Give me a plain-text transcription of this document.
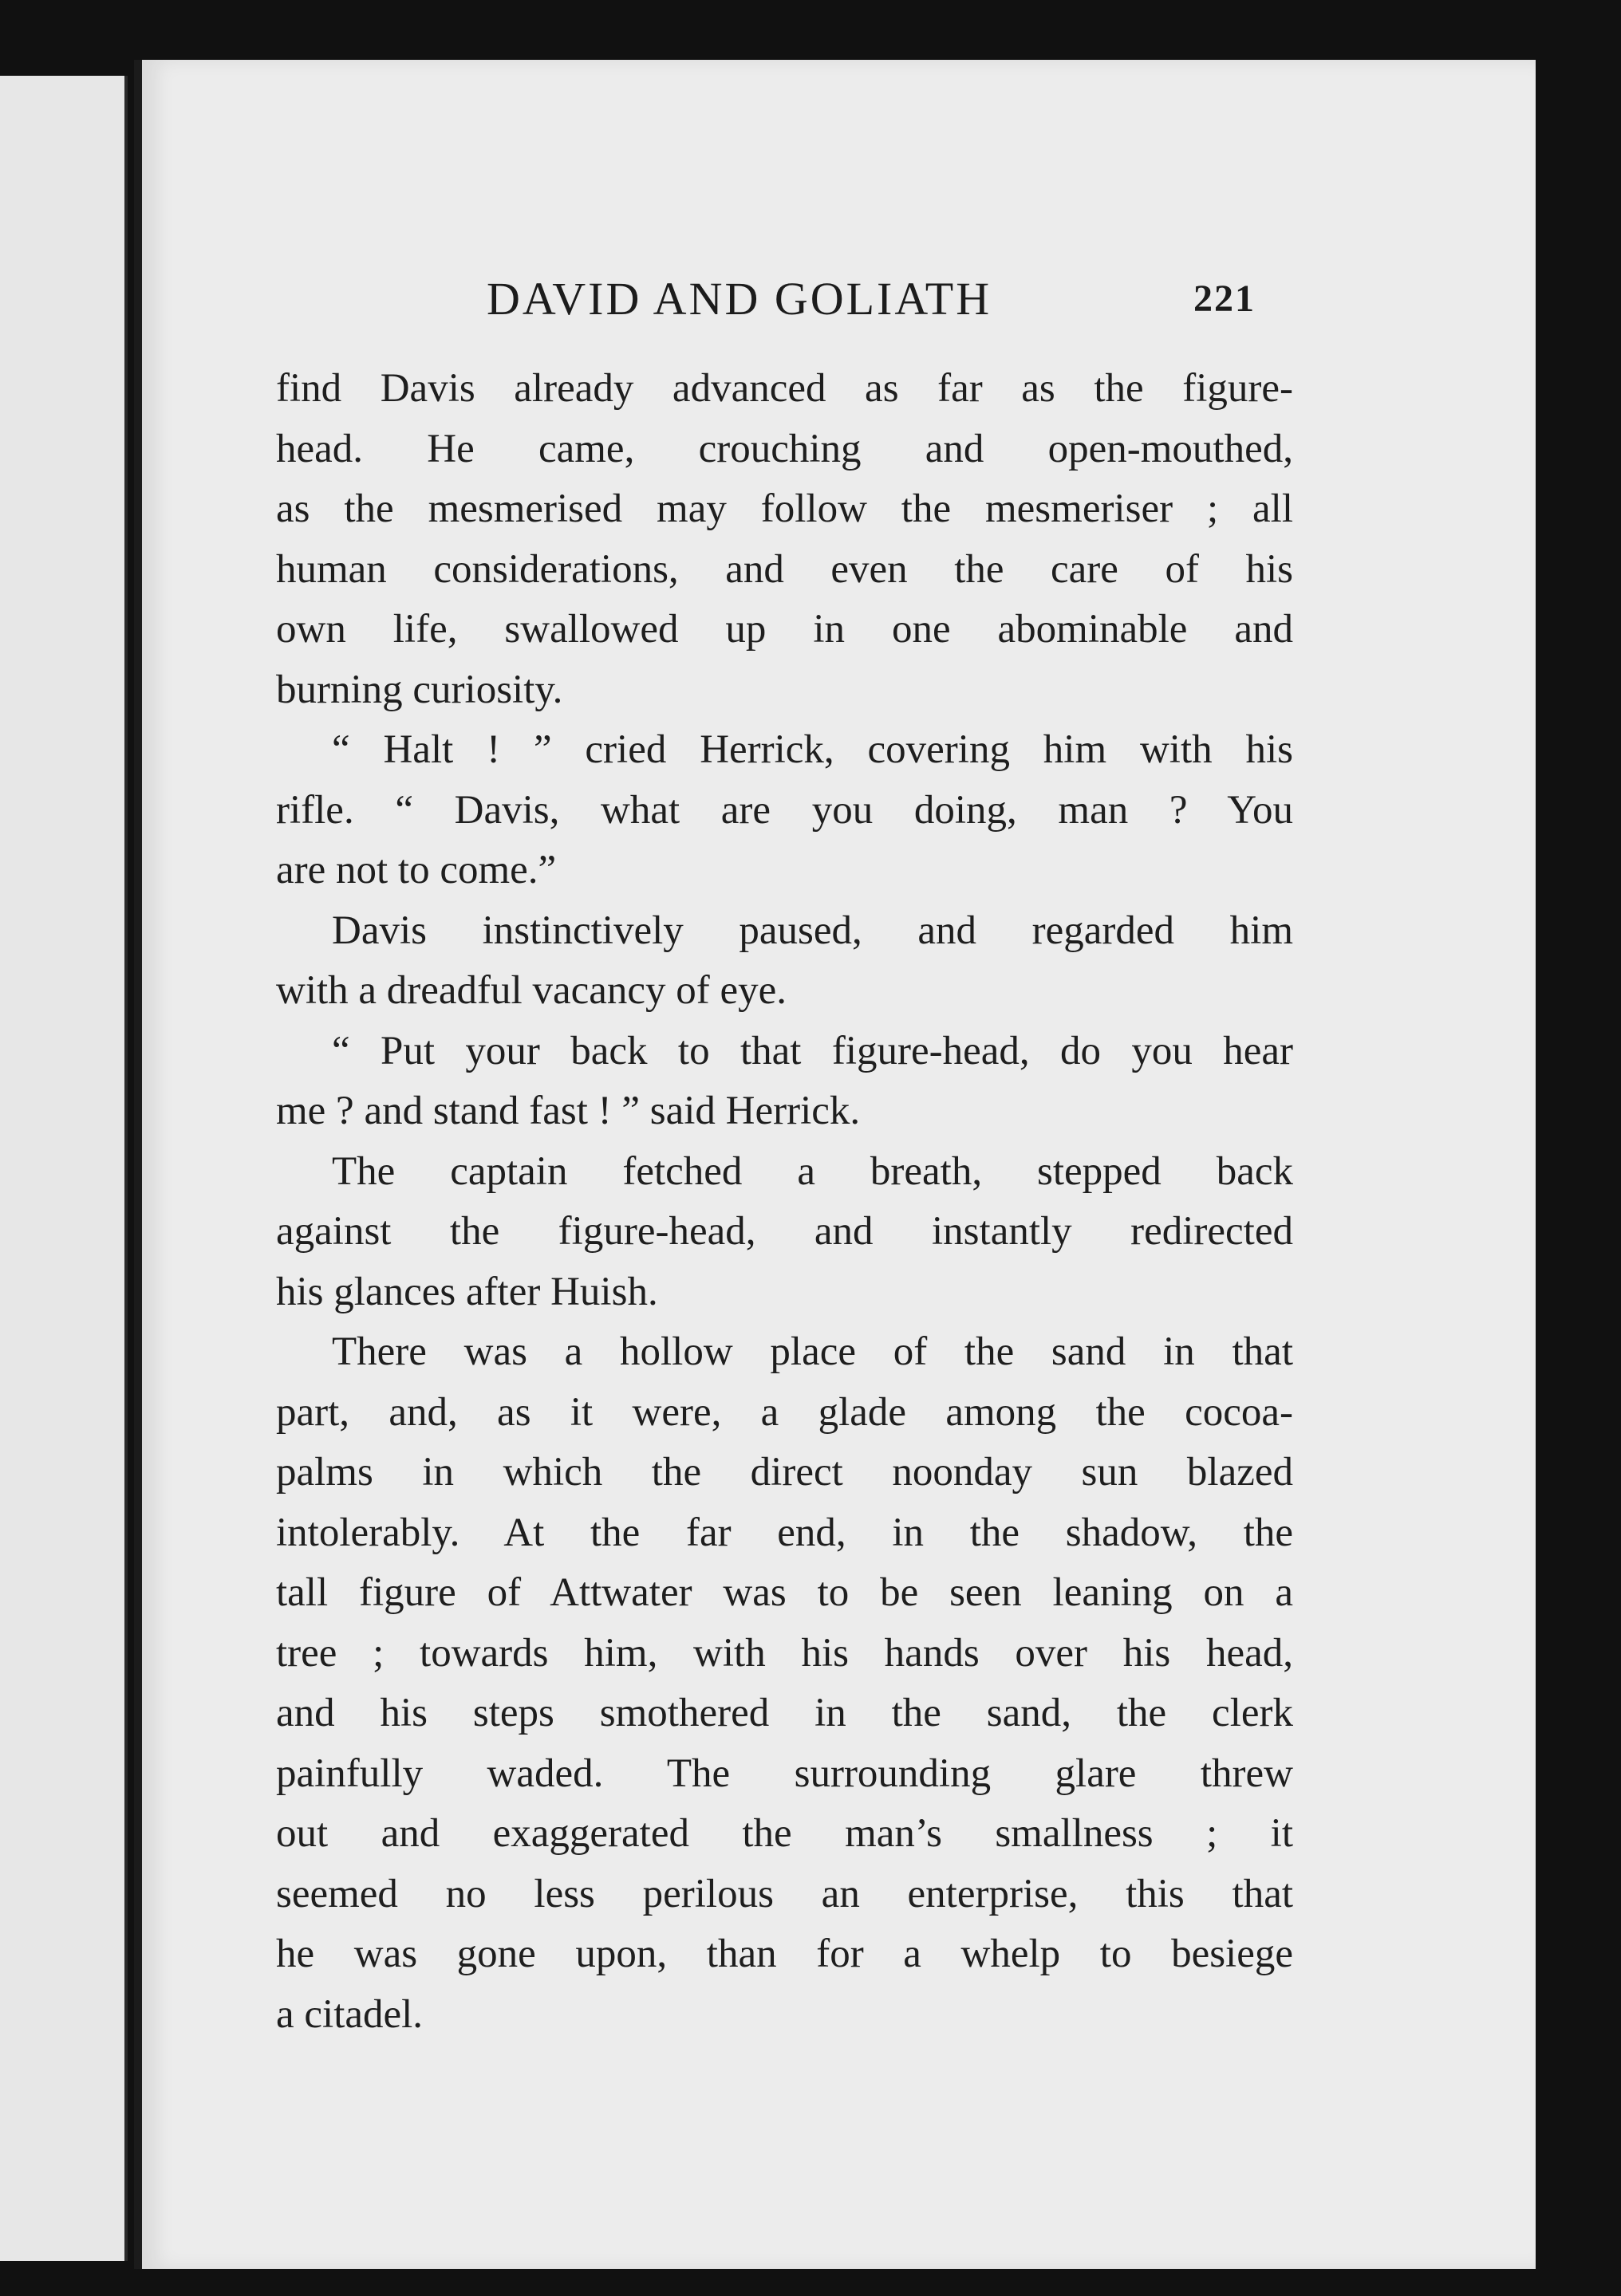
DAVID AND GOLIATH	221

find Davis already advanced as far as the figure-
head. He came, crouching and open-mouthed,
as the mesmerised may follow the mesmeriser ; all
human considerations, and even the care of his
own life, swallowed up in one abominable and
burning curiosity.

“ Halt ! ” cried Herrick, covering him with his
rifle. “ Davis, what are you doing, man ? You
are not to come.”

Davis instinctively paused, and regarded him
with a dreadful vacancy of eye.

“ Put your back to that figure-head, do you hear
me ? and stand fast ! ” said Herrick.

The captain fetched a breath, stepped back
against the figure-head, and instantly redirected
his glances after Huish.

There was a hollow place of the sand in that
part, and, as it were, a glade among the cocoa-
palms in which the direct noonday sun blazed
intolerably. At the far end, in the shadow, the
tall figure of Attwater was to be seen leaning on a
tree ; towards him, with his hands over his head,
and his steps smothered in the sand, the clerk
painfully waded. The surrounding glare threw
out and exaggerated the man’s smallness ; it
seemed no less perilous an enterprise, this that
he was gone upon, than for a whelp to besiege
a citadel.
